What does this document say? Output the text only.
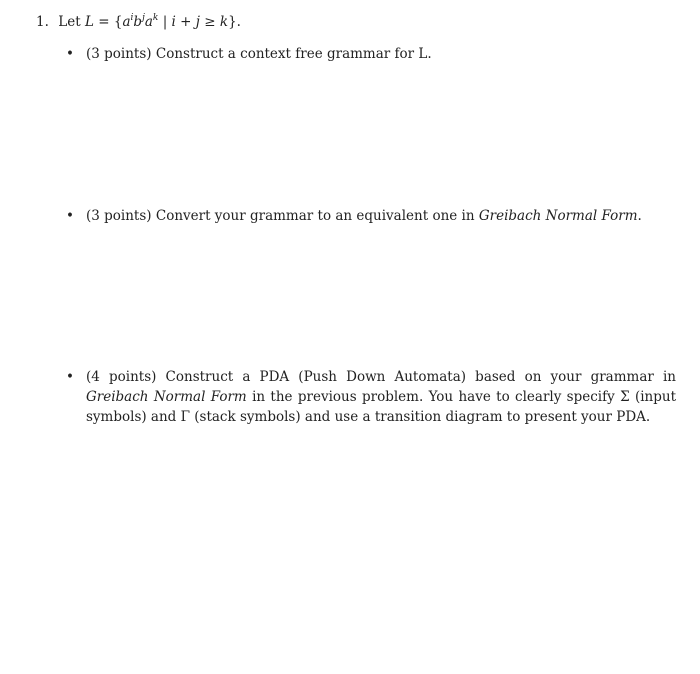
1. Let $L = \{a^ib^ja^k$ | i + j ≥ k}.
• (3 points) Construct a context free grammar for L.
• (3 points) Convert your grammar to an equivalent one in Greibach Normal Form.
• (4 points) Construct a PDA (Push Down Automata) based on your grammar in Greibach Normal Form in the previous problem. You have to clearly specify Σ (input symbols) and Γ (stack symbols) and use a transition diagram to present your PDA.
